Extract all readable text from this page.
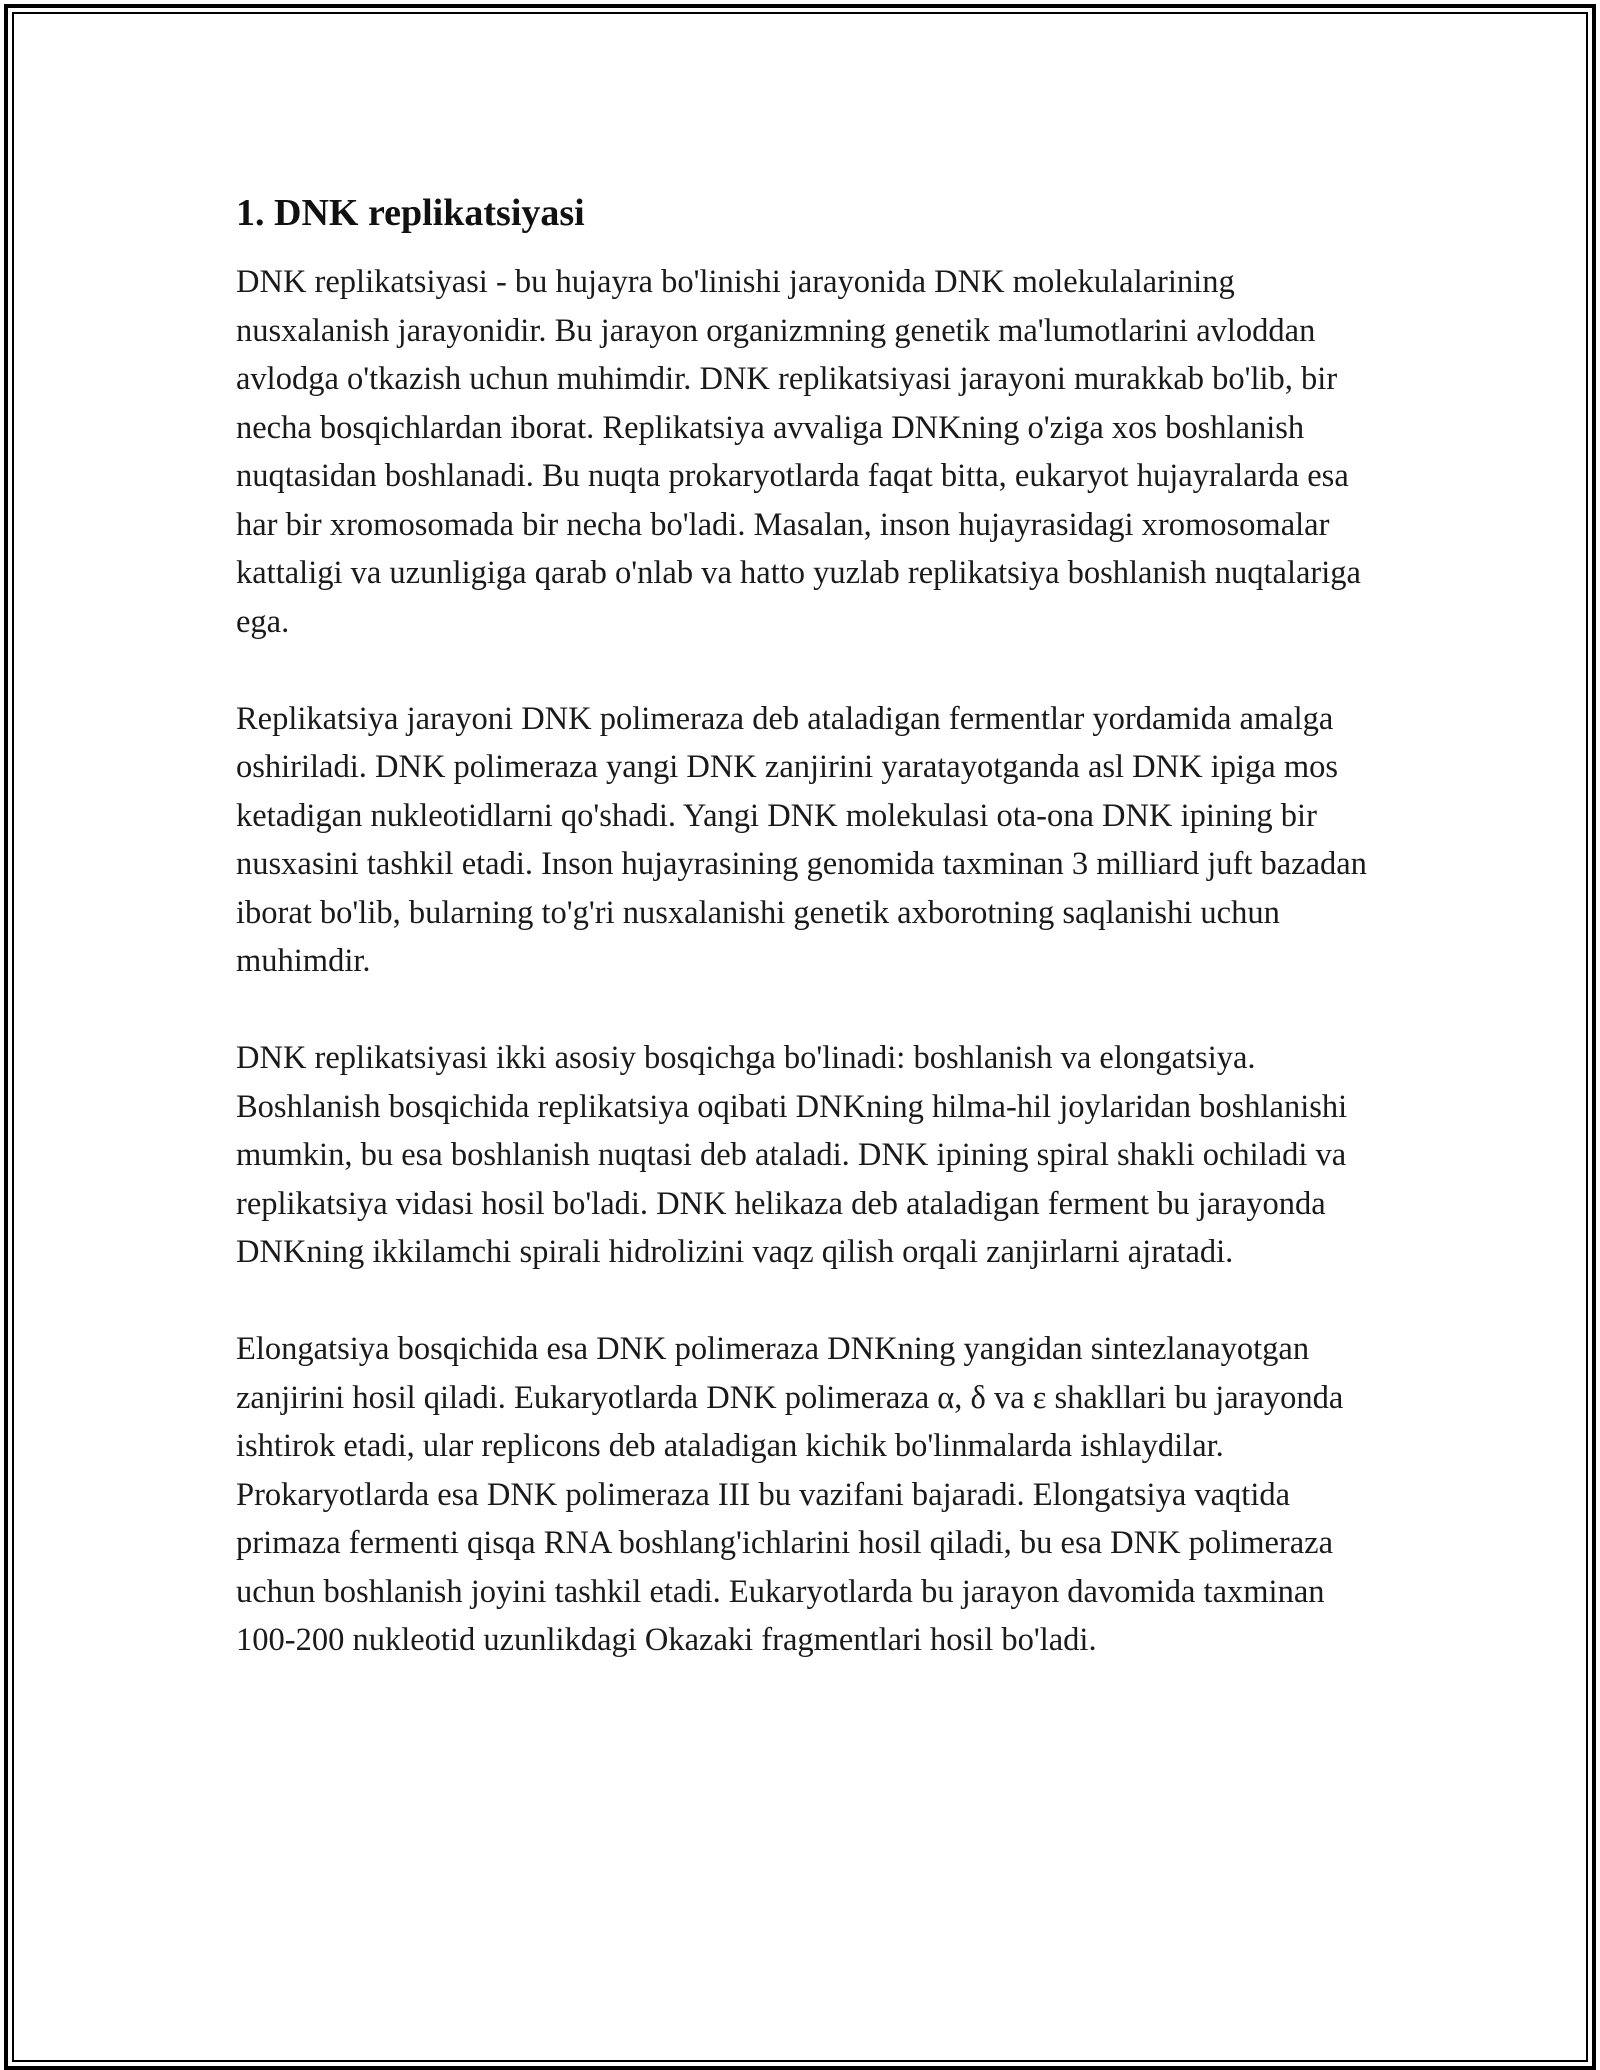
1. DNK replikatsiyasi

DNK replikatsiyasi - bu hujayra bo'linishi jarayonida DNK molekulalarining nusxalanish jarayonidir. Bu jarayon organizmning genetik ma'lumotlarini avloddan avlodga o'tkazish uchun muhimdir. DNK replikatsiyasi jarayoni murakkab bo'lib, bir necha bosqichlardan iborat. Replikatsiya avvaliga DNKning o'ziga xos boshlanish nuqtasidan boshlanadi. Bu nuqta prokaryotlarda faqat bitta, eukaryot hujayralarda esa har bir xromosomada bir necha bo'ladi. Masalan, inson hujayrasidagi xromosomalar kattaligi va uzunligiga qarab o'nlab va hatto yuzlab replikatsiya boshlanish nuqtalariga ega.

Replikatsiya jarayoni DNK polimeraza deb ataladigan fermentlar yordamida amalga oshiriladi. DNK polimeraza yangi DNK zanjirini yaratayotganda asl DNK ipiga mos ketadigan nukleotidlarni qo'shadi. Yangi DNK molekulasi ota-ona DNK ipining bir nusxasini tashkil etadi. Inson hujayrasining genomida taxminan 3 milliard juft bazadan iborat bo'lib, bularning to'g'ri nusxalanishi genetik axborotning saqlanishi uchun muhimdir.

DNK replikatsiyasi ikki asosiy bosqichga bo'linadi: boshlanish va elongatsiya. Boshlanish bosqichida replikatsiya oqibati DNKning hilma-hil joylaridan boshlanishi mumkin, bu esa boshlanish nuqtasi deb ataladi. DNK ipining spiral shakli ochiladi va replikatsiya vidasi hosil bo'ladi. DNK helikaza deb ataladigan ferment bu jarayonda DNKning ikkilamchi spirali hidrolizini vaqz qilish orqali zanjirlarni ajratadi.

Elongatsiya bosqichida esa DNK polimeraza DNKning yangidan sintezlanayotgan zanjirini hosil qiladi. Eukaryotlarda DNK polimeraza α, δ va ε shakllari bu jarayonda ishtirok etadi, ular replicons deb ataladigan kichik bo'linmalarda ishlaydilar. Prokaryotlarda esa DNK polimeraza III bu vazifani bajaradi. Elongatsiya vaqtida primaza fermenti qisqa RNA boshlang'ichlarini hosil qiladi, bu esa DNK polimeraza uchun boshlanish joyini tashkil etadi. Eukaryotlarda bu jarayon davomida taxminan 100-200 nukleotid uzunlikdagi Okazaki fragmentlari hosil bo'ladi.
